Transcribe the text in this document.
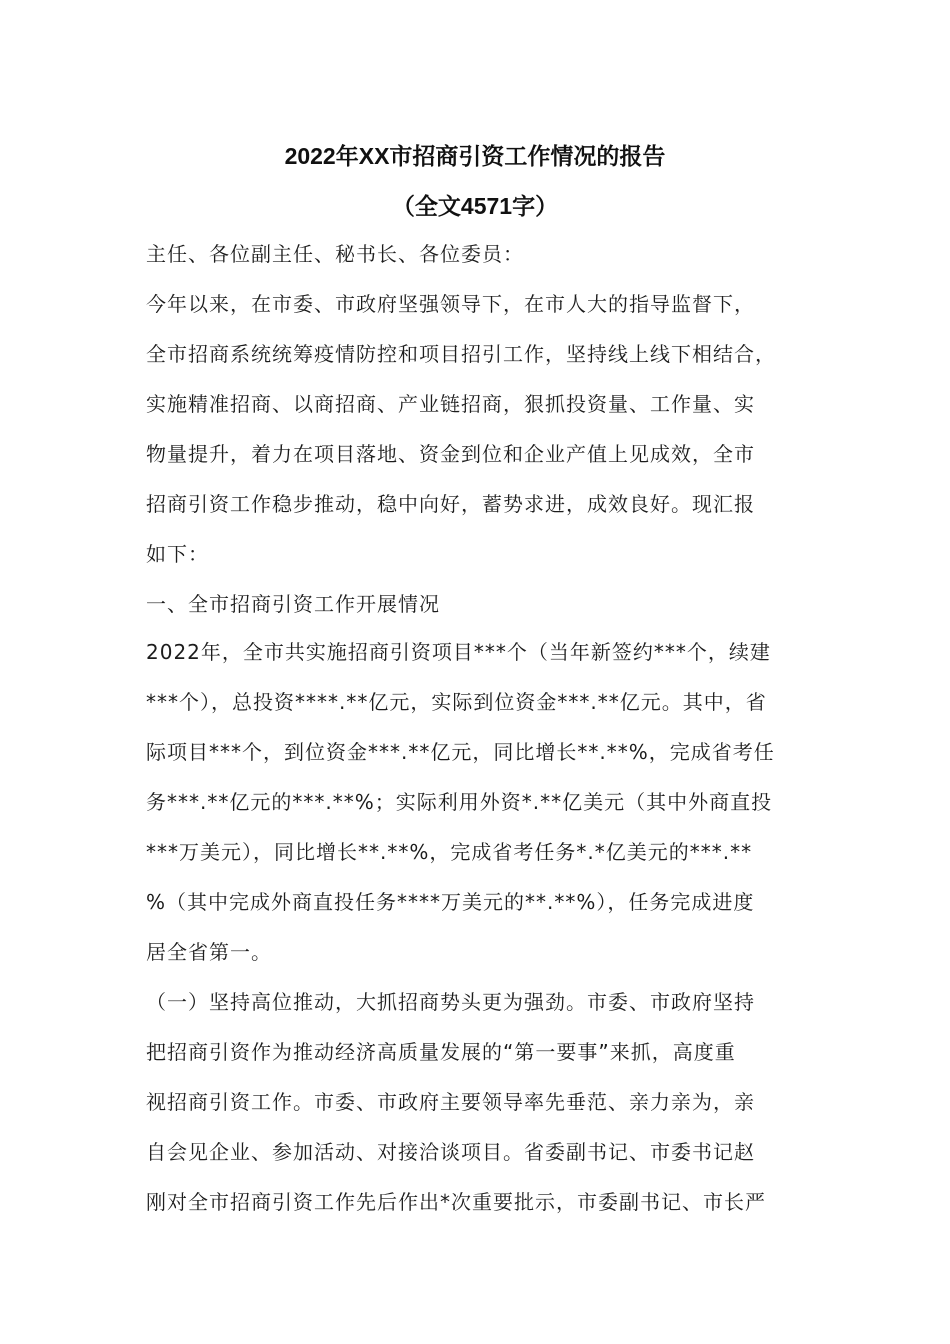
2022年XX市招商引资工作情况的报告
（全文4571字）
主任、各位副主任、秘书长、各位委员：
今年以来，在市委、市政府坚强领导下，在市人大的指导监督下，
全市招商系统统筹疫情防控和项目招引工作，坚持线上线下相结合，
实施精准招商、以商招商、产业链招商，狠抓投资量、工作量、实
物量提升，着力在项目落地、资金到位和企业产值上见成效，全市
招商引资工作稳步推动，稳中向好，蓄势求进，成效良好。现汇报
如下：
一、全市招商引资工作开展情况
2022年，全市共实施招商引资项目***个（当年新签约***个，续建
***个），总投资****.**亿元，实际到位资金***.**亿元。其中，省
际项目***个，到位资金***.**亿元，同比增长**.**%，完成省考任
务***.**亿元的***.**%；实际利用外资*.**亿美元（其中外商直投
***万美元），同比增长**.**%，完成省考任务*.*亿美元的***.**
%（其中完成外商直投任务****万美元的**.**%），任务完成进度
居全省第一。
（一）坚持高位推动，大抓招商势头更为强劲。市委、市政府坚持
把招商引资作为推动经济高质量发展的“第一要事”来抓，高度重
视招商引资工作。市委、市政府主要领导率先垂范、亲力亲为，亲
自会见企业、参加活动、对接洽谈项目。省委副书记、市委书记赵
刚对全市招商引资工作先后作出*次重要批示，市委副书记、市长严
